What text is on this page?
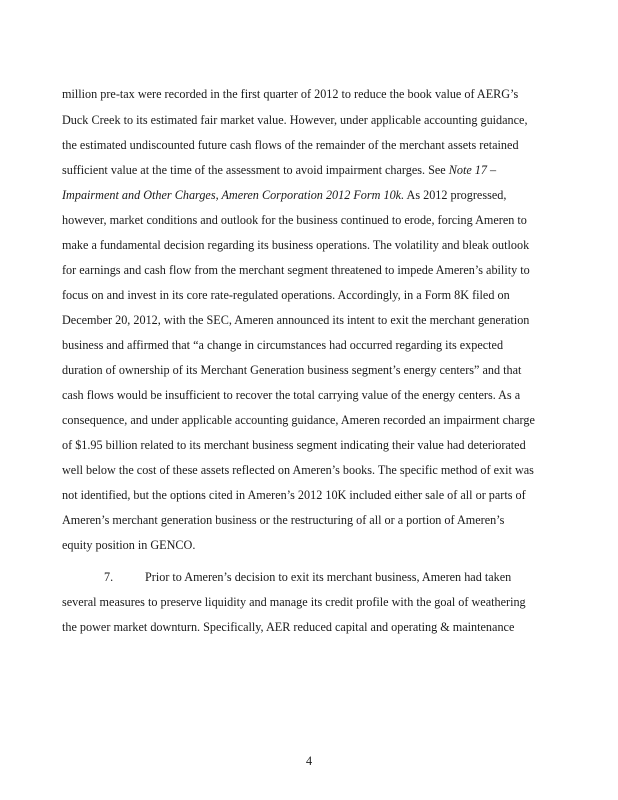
million pre-tax were recorded in the first quarter of 2012 to reduce the book value of AERG’s
Duck Creek to its estimated fair market value. However, under applicable accounting guidance,
the estimated undiscounted future cash flows of the remainder of the merchant assets retained
sufficient value at the time of the assessment to avoid impairment charges. See Note 17 –
Impairment and Other Charges, Ameren Corporation 2012 Form 10k. As 2012 progressed,
however, market conditions and outlook for the business continued to erode, forcing Ameren to
make a fundamental decision regarding its business operations. The volatility and bleak outlook
for earnings and cash flow from the merchant segment threatened to impede Ameren’s ability to
focus on and invest in its core rate-regulated operations. Accordingly, in a Form 8K filed on
December 20, 2012, with the SEC, Ameren announced its intent to exit the merchant generation
business and affirmed that “a change in circumstances had occurred regarding its expected
duration of ownership of its Merchant Generation business segment’s energy centers” and that
cash flows would be insufficient to recover the total carrying value of the energy centers. As a
consequence, and under applicable accounting guidance, Ameren recorded an impairment charge
of $1.95 billion related to its merchant business segment indicating their value had deteriorated
well below the cost of these assets reflected on Ameren’s books. The specific method of exit was
not identified, but the options cited in Ameren’s 2012 10K included either sale of all or parts of
Ameren’s merchant generation business or the restructuring of all or a portion of Ameren’s
equity position in GENCO.
7.	Prior to Ameren’s decision to exit its merchant business, Ameren had taken
several measures to preserve liquidity and manage its credit profile with the goal of weathering
the power market downturn. Specifically, AER reduced capital and operating & maintenance
4
